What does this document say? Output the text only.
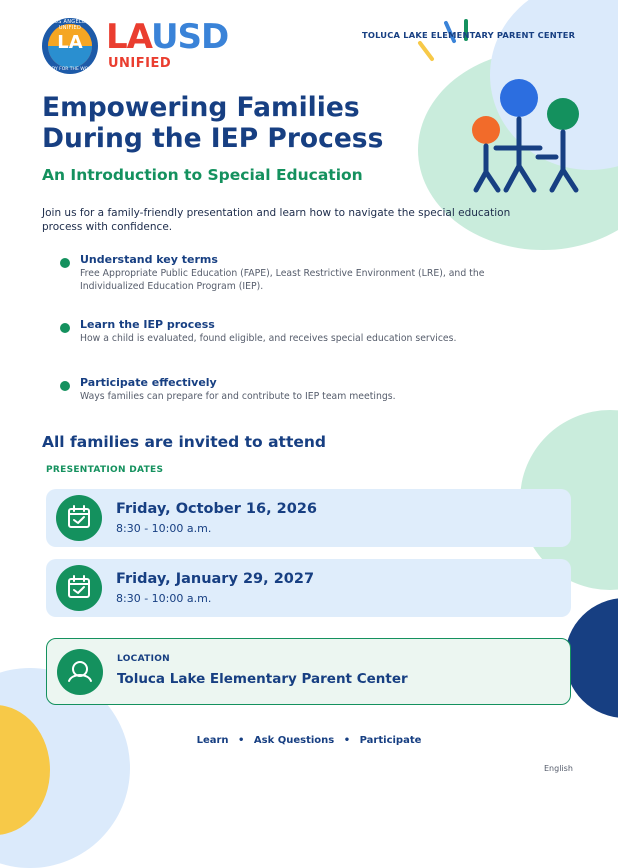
LA
LOS ANGELES UNIFIED
READY FOR THE WORLD
LAUSD
UNIFIED
TOLUCA LAKE ELEMENTARY PARENT CENTER
Empowering Families
During the IEP Process
An Introduction to Special Education
Join us for a family-friendly presentation and learn how to navigate the special education process with confidence.
Understand key terms
Free Appropriate Public Education (FAPE), Least Restrictive Environment (LRE), and the Individualized Education Program (IEP).
Learn the IEP process
How a child is evaluated, found eligible, and receives special education services.
Participate effectively
Ways families can prepare for and contribute to IEP team meetings.
All families are invited to attend
PRESENTATION DATES
Friday, October 16, 2026
8:30 - 10:00 a.m.
Friday, January 29, 2027
8:30 - 10:00 a.m.
LOCATION
Toluca Lake Elementary Parent Center
Learn • Ask Questions • Participate
English
